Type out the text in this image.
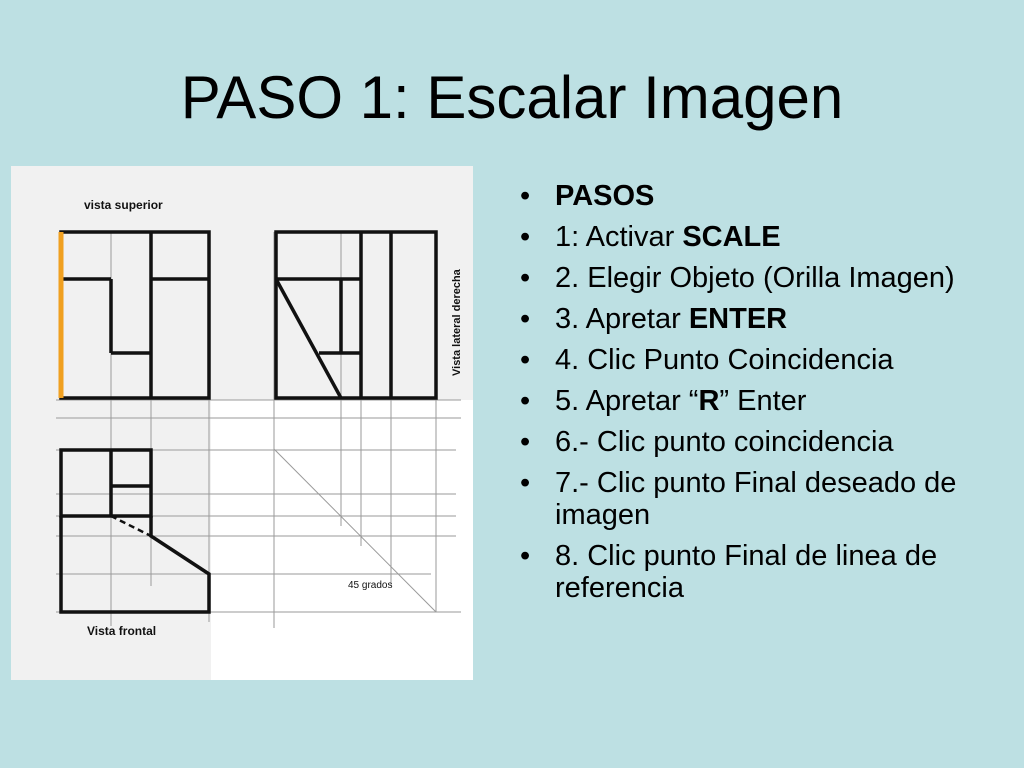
PASO 1: Escalar Imagen
vista superior
Vista lateral derecha
Vista frontal
45 grados
• PASOS
• 1: Activar SCALE
• 2. Elegir Objeto (Orilla Imagen)
• 3. Apretar ENTER
• 4. Clic Punto Coincidencia
• 5. Apretar “R” Enter
• 6.- Clic punto coincidencia
• 7.- Clic punto Final deseado de imagen
• 8. Clic punto Final de linea de referencia
